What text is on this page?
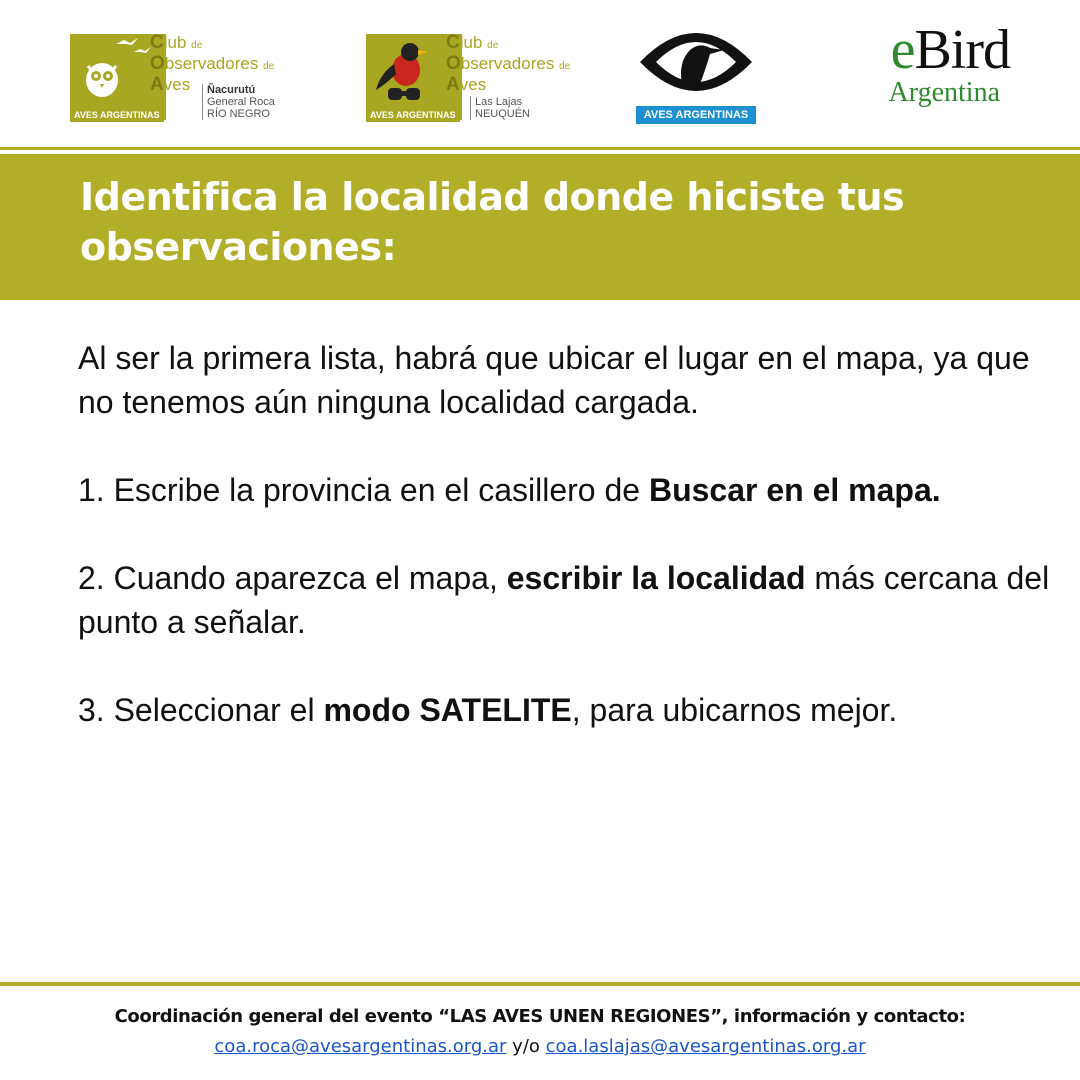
AVES ARGENTINAS
Club de
Observadores de
Aves	Ñacurutú
General Roca
RÍO NEGRO	AVES ARGENTINAS
Club de
Observadores de
Aves
Las Lajas
NEUQUÉN	AVES ARGENTINAS
eBird
Argentina
Identifica la localidad donde hiciste tus observaciones:

Al ser la primera lista, habrá que ubicar el lugar en el mapa, ya que no tenemos aún ninguna localidad cargada.

1. Escribe la provincia en el casillero de Buscar en el mapa.

2. Cuando aparezca el mapa, escribir la localidad más cercana del punto a señalar.

3. Seleccionar el modo SATELITE, para ubicarnos mejor.

Coordinación general del evento “LAS AVES UNEN REGIONES”, información y contacto:
coa.roca@avesargentinas.org.ar y/o coa.laslajas@avesargentinas.org.ar
